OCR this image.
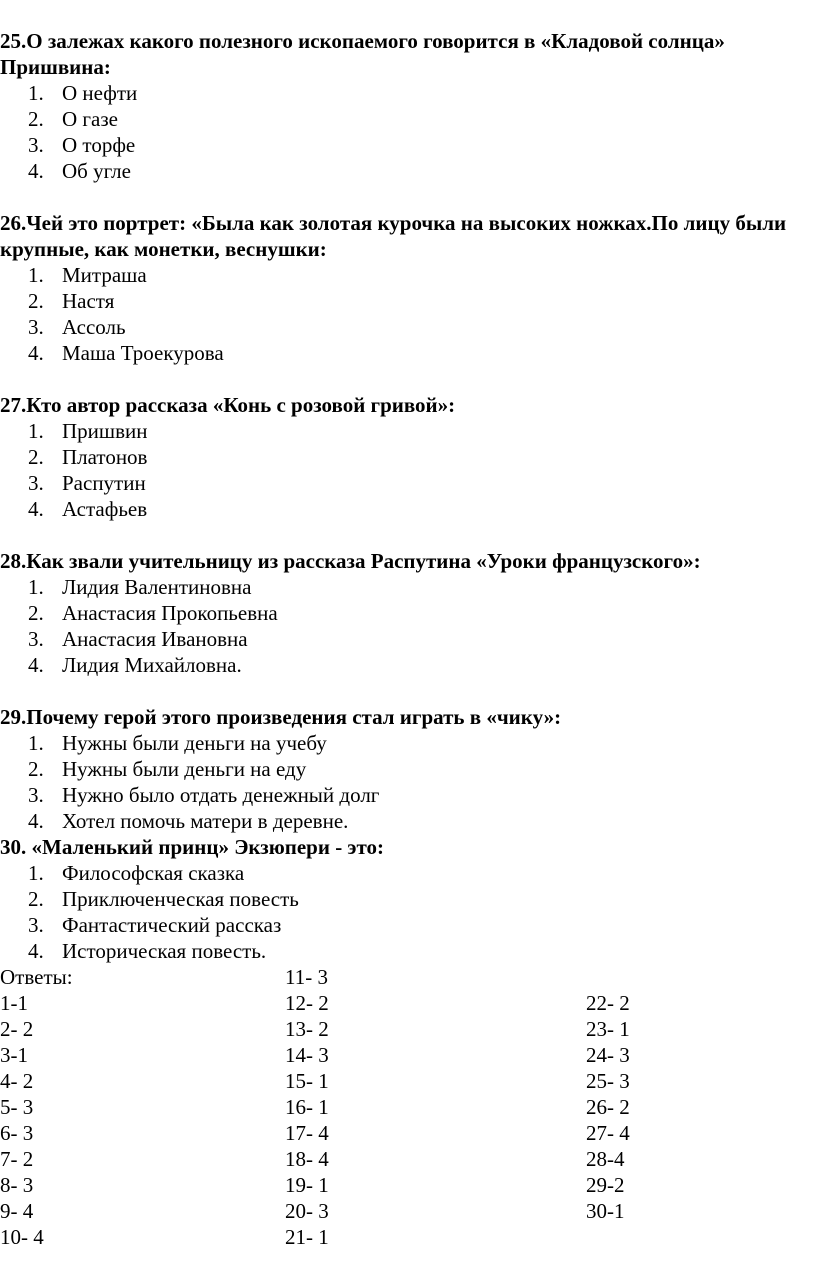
25.О залежах какого полезного ископаемого говорится в «Кладовой солнца» Пришвина:

1. О нефти
2. О газе
3. О торфе
4. Об угле

26.Чей это портрет: «Была как золотая курочка на высоких ножках.По лицу были крупные, как монетки, веснушки:

1. Митраша
2. Настя
3. Ассоль
4. Маша Троекурова

27.Кто автор рассказа «Конь с розовой гривой»:

1. Пришвин
2. Платонов
3. Распутин
4. Астафьев

28.Как звали учительницу из рассказа Распутина «Уроки французского»:

1. Лидия Валентиновна
2. Анастасия Прокопьевна
3. Анастасия Ивановна
4. Лидия Михайловна.

29.Почему герой этого произведения стал играть в «чику»:

1. Нужны были деньги на учебу
2. Нужны были деньги на еду
3. Нужно было отдать денежный долг
4. Хотел помочь матери в деревне.

30. «Маленький принц» Экзюпери - это:

1. Философская сказка
2. Приключенческая повесть
3. Фантастический рассказ
4. Историческая повесть.
Ответы:	11- 3
1-1	12- 2	22- 2
2- 2	13- 2	23- 1
3-1	14- 3	24- 3
4- 2	15- 1	25- 3
5- 3	16- 1	26- 2
6- 3	17- 4	27- 4
7- 2	18- 4	28-4
8- 3	19- 1	29-2
9- 4	20- 3	30-1
10- 4	21- 1
